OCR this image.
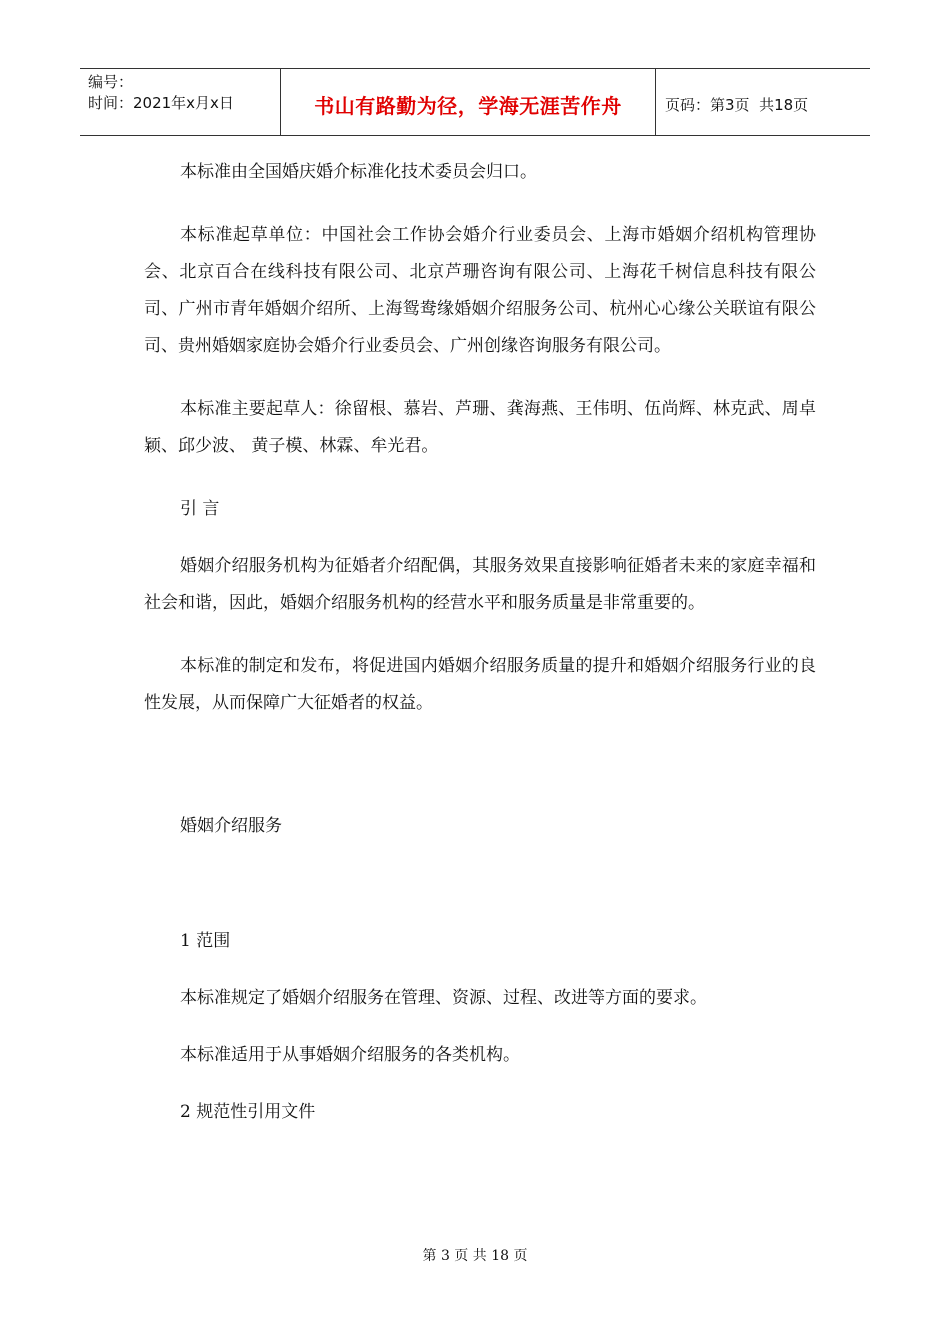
编号：
时间：2021年x月x日	书山有路勤为径，学海无涯苦作舟	页码：第3页  共18页

本标准由全国婚庆婚介标准化技术委员会归口。

本标准起草单位：中国社会工作协会婚介行业委员会、上海市婚姻介绍机构管理协会、北京百合在线科技有限公司、北京芦珊咨询有限公司、上海花千树信息科技有限公司、广州市青年婚姻介绍所、上海鸳鸯缘婚姻介绍服务公司、杭州心心缘公关联谊有限公司、贵州婚姻家庭协会婚介行业委员会、广州创缘咨询服务有限公司。

本标准主要起草人：徐留根、慕岩、芦珊、龚海燕、王伟明、伍尚辉、林克武、周卓颖、邱少波、 黄子模、林霖、牟光君。

引 言

婚姻介绍服务机构为征婚者介绍配偶，其服务效果直接影响征婚者未来的家庭幸福和社会和谐，因此，婚姻介绍服务机构的经营水平和服务质量是非常重要的。

本标准的制定和发布，将促进国内婚姻介绍服务质量的提升和婚姻介绍服务行业的良性发展，从而保障广大征婚者的权益。

婚姻介绍服务

1 范围

本标准规定了婚姻介绍服务在管理、资源、过程、改进等方面的要求。

本标准适用于从事婚姻介绍服务的各类机构。

2 规范性引用文件

第 3 页 共 18 页
